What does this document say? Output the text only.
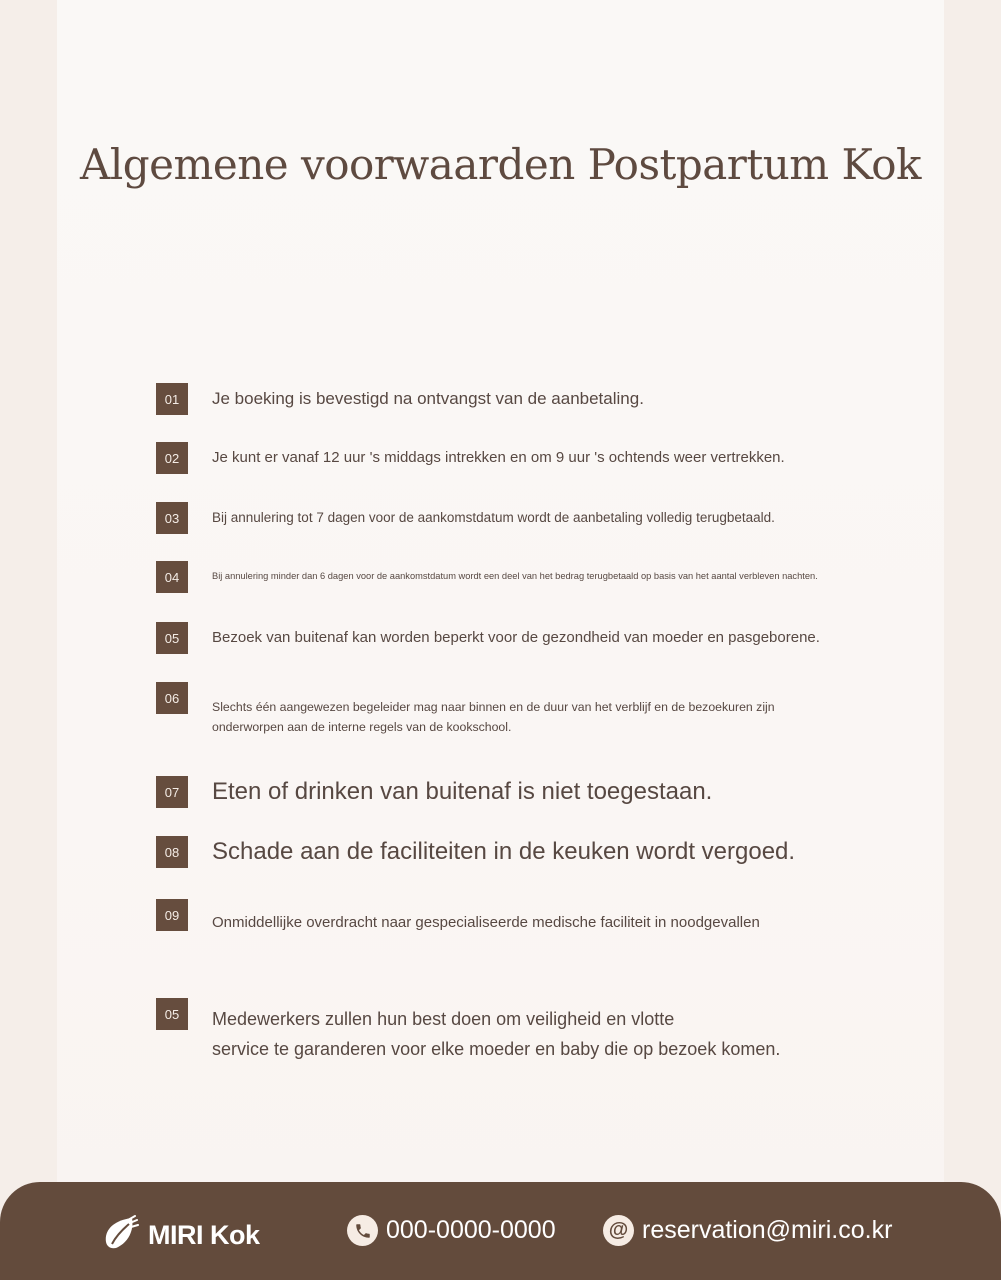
Algemene voorwaarden Postpartum Kok
01	Je boeking is bevestigd na ontvangst van de aanbetaling.
02	Je kunt er vanaf 12 uur 's middags intrekken en om 9 uur 's ochtends weer vertrekken.
03	Bij annulering tot 7 dagen voor de aankomstdatum wordt de aanbetaling volledig terugbetaald.
04	Bij annulering minder dan 6 dagen voor de aankomstdatum wordt een deel van het bedrag terugbetaald op basis van het aantal verbleven nachten.
05	Bezoek van buitenaf kan worden beperkt voor de gezondheid van moeder en pasgeborene.
06
Slechts één aangewezen begeleider mag naar binnen en de duur van het verblijf en de bezoekuren zijn onderworpen aan de interne regels van de kookschool.
07	Eten of drinken van buitenaf is niet toegestaan.
08	Schade aan de faciliteiten in de keuken wordt vergoed.
09	Onmiddellijke overdracht naar gespecialiseerde medische faciliteit in noodgevallen
05	Medewerkers zullen hun best doen om veiligheid en vlotte
service te garanderen voor elke moeder en baby die op bezoek komen.
MIRI Kok	000-0000-0000	@ reservation@miri.co.kr
